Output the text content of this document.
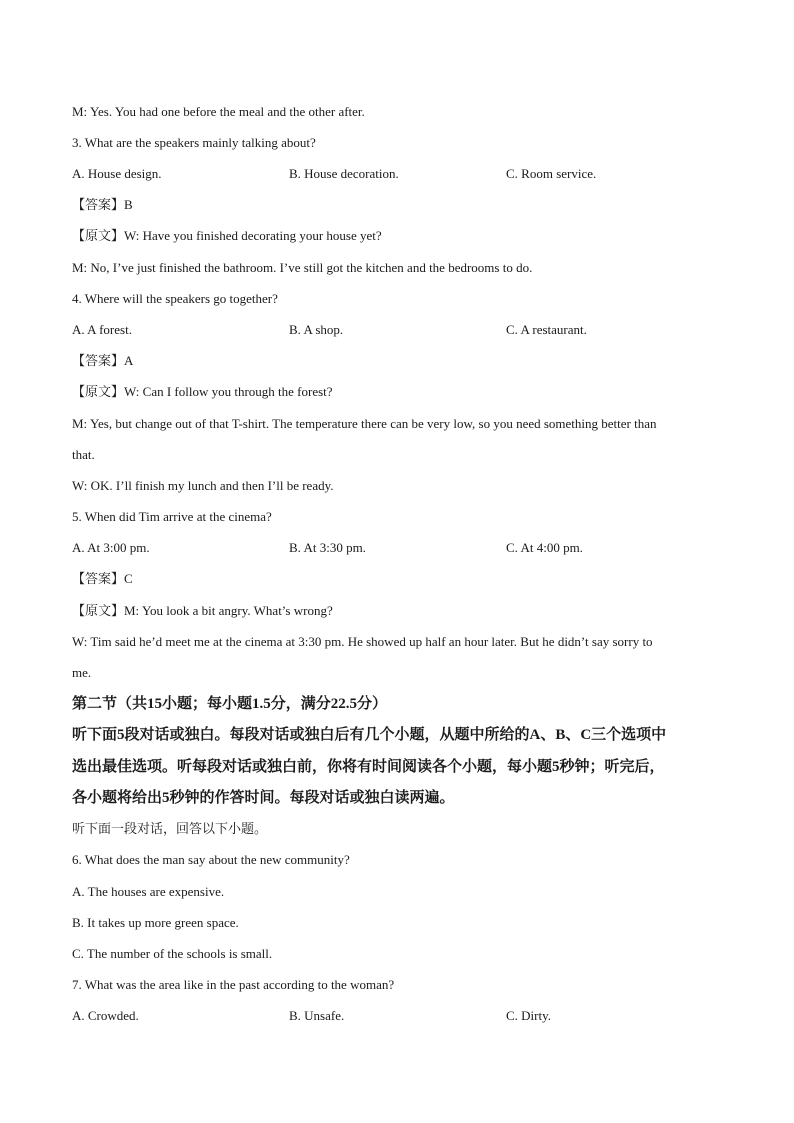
M: Yes. You had one before the meal and the other after.
3. What are the speakers mainly talking about?
A. House design.	B. House decoration.	C. Room service.
【答案】B
【原文】W: Have you finished decorating your house yet?
M: No, I’ve just finished the bathroom. I’ve still got the kitchen and the bedrooms to do.
4. Where will the speakers go together?
A. A forest.	B. A shop.	C. A restaurant.
【答案】A
【原文】W: Can I follow you through the forest?
M: Yes, but change out of that T-shirt. The temperature there can be very low, so you need something better than
that.
W: OK. I’ll finish my lunch and then I’ll be ready.
5. When did Tim arrive at the cinema?
A. At 3:00 pm.	B. At 3:30 pm.	C. At 4:00 pm.
【答案】C
【原文】M: You look a bit angry. What’s wrong?
W: Tim said he’d meet me at the cinema at 3:30 pm. He showed up half an hour later. But he didn’t say sorry to
me.
第二节（共15小题；每小题1.5分，满分22.5分）
听下面5段对话或独白。每段对话或独白后有几个小题，从题中所给的A、B、C三个选项中
选出最佳选项。听每段对话或独白前，你将有时间阅读各个小题，每小题5秒钟；听完后，
各小题将给出5秒钟的作答时间。每段对话或独白读两遍。
听下面一段对话，回答以下小题。
6. What does the man say about the new community?
A. The houses are expensive.
B. It takes up more green space.
C. The number of the schools is small.
7. What was the area like in the past according to the woman?
A. Crowded.	B. Unsafe.	C. Dirty.
